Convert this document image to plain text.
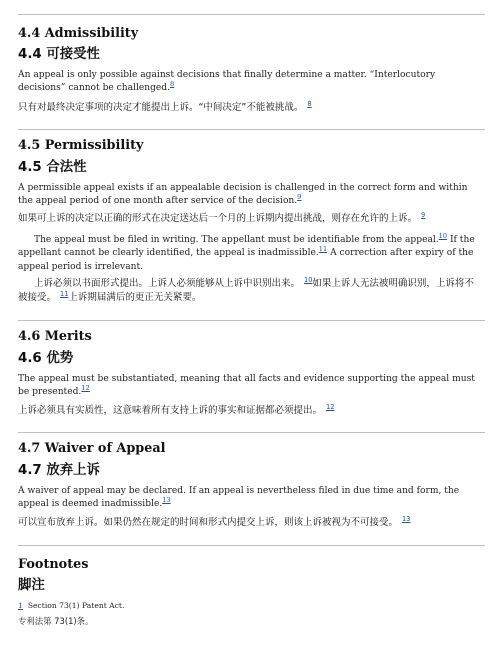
4.4 Admissibility
4.4 可接受性
An appeal is only possible against decisions that finally determine a matter. “Interlocutory decisions” cannot be challenged.$^8$
只有对最终决定事项的决定才能提出上诉。“中间决定”不能被挑战。 $^8$
4.5 Permissibility
4.5 合法性
A permissible appeal exists if an appealable decision is challenged in the correct form and within the appeal period of one month after service of the decision.$^9$
如果可上诉的决定以正确的形式在决定送达后一个月的上诉期内提出挑战，则存在允许的上诉。 $^9$
The appeal must be filed in writing. The appellant must be identifiable from the appeal.$^{10}$ If the appellant cannot be clearly identified, the appeal is inadmissible.$^{11}$ A correction after expiry of the appeal period is irrelevant.
上诉必须以书面形式提出。上诉人必须能够从上诉中识别出来。 $^{10}$如果上诉人无法被明确识别，上诉将不被接受。 $^{11}$上诉期届满后的更正无关紧要。
4.6 Merits
4.6 优势
The appeal must be substantiated, meaning that all facts and evidence supporting the appeal must be presented.$^{12}$
上诉必须具有实质性，这意味着所有支持上诉的事实和证据都必须提出。 $^{12}$
4.7 Waiver of Appeal
4.7 放弃上诉
A waiver of appeal may be declared. If an appeal is nevertheless filed in due time and form, the appeal is deemed inadmissible.$^{13}$
可以宣布放弃上诉。如果仍然在规定的时间和形式内提交上诉，则该上诉被视为不可接受。 $^{13}$
Footnotes
脚注
1 Section 73(1) Patent Act.
专利法第 73(1)条。
